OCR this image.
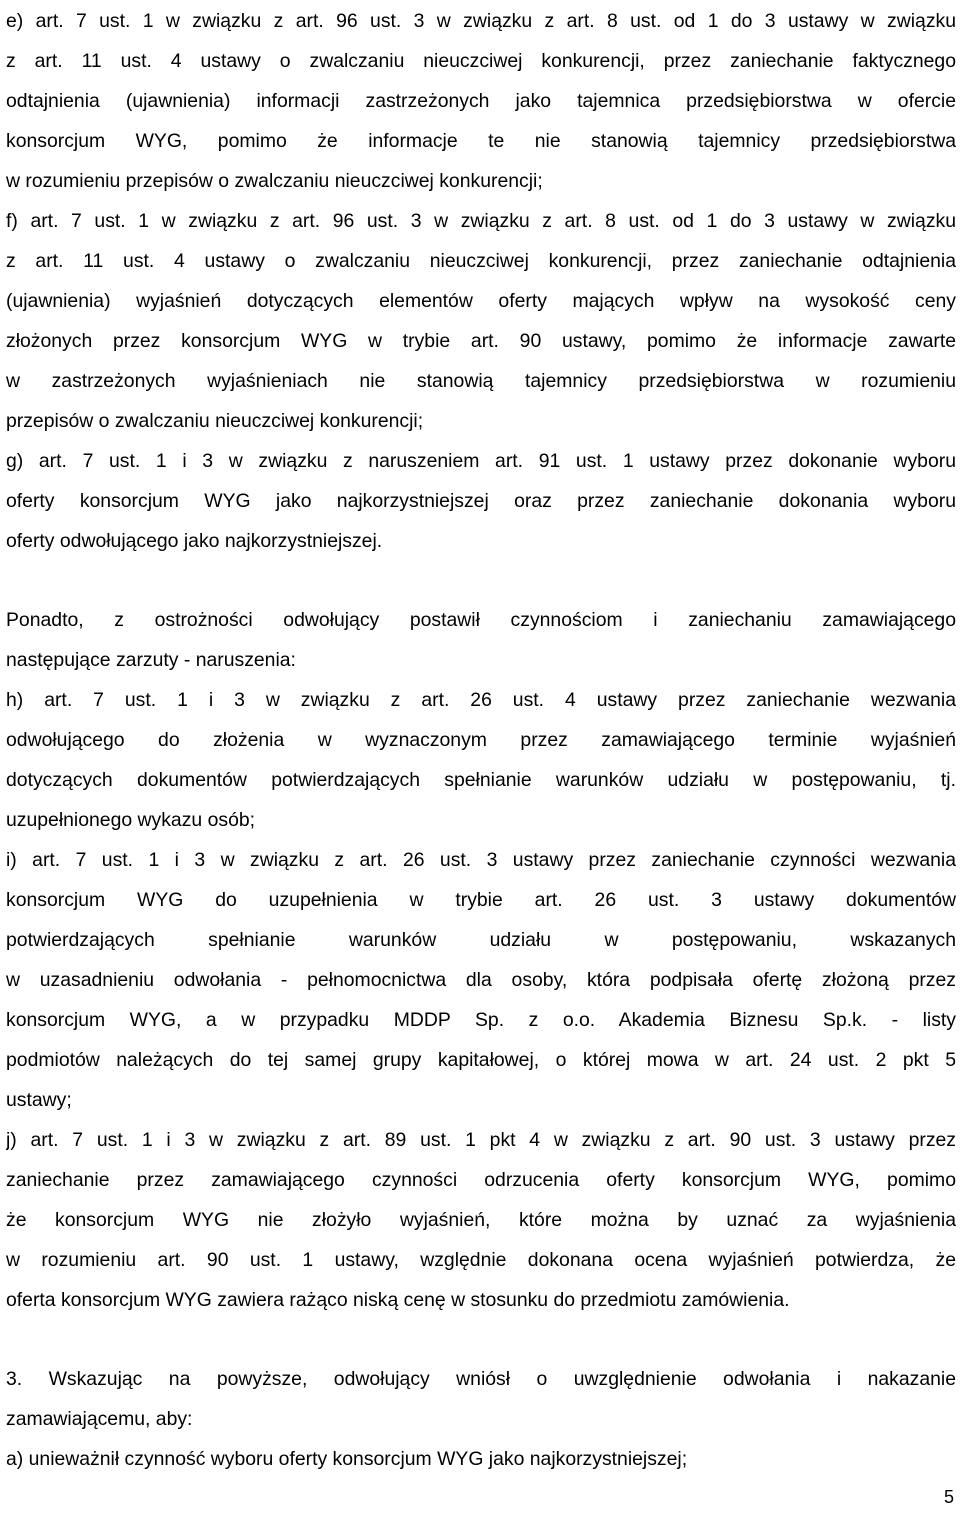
e) art. 7 ust. 1 w związku z art. 96 ust. 3 w związku z art. 8 ust. od 1 do 3 ustawy w związku
z art. 11 ust. 4 ustawy o zwalczaniu nieuczciwej konkurencji, przez zaniechanie faktycznego
odtajnienia (ujawnienia) informacji zastrzeżonych jako tajemnica przedsiębiorstwa w ofercie
konsorcjum WYG, pomimo że informacje te nie stanowią tajemnicy przedsiębiorstwa
w rozumieniu przepisów o zwalczaniu nieuczciwej konkurencji;
f) art. 7 ust. 1 w związku z art. 96 ust. 3 w związku z art. 8 ust. od 1 do 3 ustawy w związku
z art. 11 ust. 4 ustawy o zwalczaniu nieuczciwej konkurencji, przez zaniechanie odtajnienia
(ujawnienia) wyjaśnień dotyczących elementów oferty mających wpływ na wysokość ceny
złożonych przez konsorcjum WYG w trybie art. 90 ustawy, pomimo że informacje zawarte
w zastrzeżonych wyjaśnieniach nie stanowią tajemnicy przedsiębiorstwa w rozumieniu
przepisów o zwalczaniu nieuczciwej konkurencji;
g) art. 7 ust. 1 i 3 w związku z naruszeniem art. 91 ust. 1 ustawy przez dokonanie wyboru
oferty konsorcjum WYG jako najkorzystniejszej oraz przez zaniechanie dokonania wyboru
oferty odwołującego jako najkorzystniejszej.
Ponadto, z ostrożności odwołujący postawił czynnościom i zaniechaniu zamawiającego
następujące zarzuty - naruszenia:
h) art. 7 ust. 1 i 3 w związku z art. 26 ust. 4 ustawy przez zaniechanie wezwania
odwołującego do złożenia w wyznaczonym przez zamawiającego terminie wyjaśnień
dotyczących dokumentów potwierdzających spełnianie warunków udziału w postępowaniu, tj.
uzupełnionego wykazu osób;
i) art. 7 ust. 1 i 3 w związku z art. 26 ust. 3 ustawy przez zaniechanie czynności wezwania
konsorcjum WYG do uzupełnienia w trybie art. 26 ust. 3 ustawy dokumentów
potwierdzających spełnianie warunków udziału w postępowaniu, wskazanych
w uzasadnieniu odwołania - pełnomocnictwa dla osoby, która podpisała ofertę złożoną przez
konsorcjum WYG, a w przypadku MDDP Sp. z o.o. Akademia Biznesu Sp.k. - listy
podmiotów należących do tej samej grupy kapitałowej, o której mowa w art. 24 ust. 2 pkt 5
ustawy;
j) art. 7 ust. 1 i 3 w związku z art. 89 ust. 1 pkt 4 w związku z art. 90 ust. 3 ustawy przez
zaniechanie przez zamawiającego czynności odrzucenia oferty konsorcjum WYG, pomimo
że konsorcjum WYG nie złożyło wyjaśnień, które można by uznać za wyjaśnienia
w rozumieniu art. 90 ust. 1 ustawy, względnie dokonana ocena wyjaśnień potwierdza, że
oferta konsorcjum WYG zawiera rażąco niską cenę w stosunku do przedmiotu zamówienia.
3. Wskazując na powyższe, odwołujący wniósł o uwzględnienie odwołania i nakazanie
zamawiającemu, aby:
a) unieważnił czynność wyboru oferty konsorcjum WYG jako najkorzystniejszej;
5
